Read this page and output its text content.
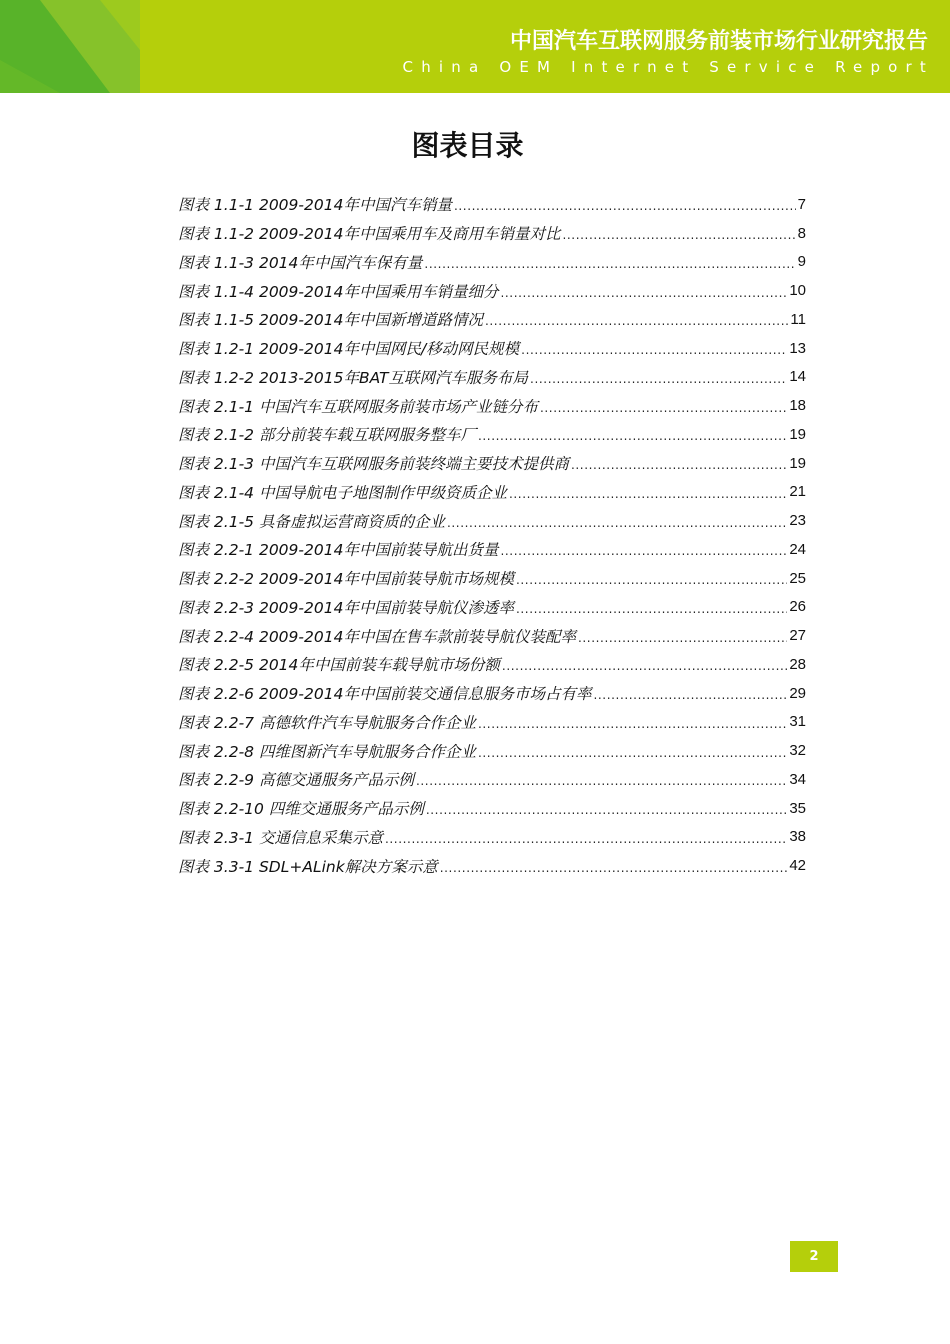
中国汽车互联网服务前装市场行业研究报告
China OEM Internet Service Report
图表目录
图表 1.1-1 2009-2014年中国汽车销量 .....	7
图表 1.1-2 2009-2014年中国乘用车及商用车销量对比 .....	8
图表 1.1-3 2014年中国汽车保有量 .....	9
图表 1.1-4 2009-2014年中国乘用车销量细分 .....	10
图表 1.1-5 2009-2014年中国新增道路情况 .....	11
图表 1.2-1 2009-2014年中国网民/移动网民规模 .....	13
图表 1.2-2 2013-2015年BAT互联网汽车服务布局 .....	14
图表 2.1-1 中国汽车互联网服务前装市场产业链分布 .....	18
图表 2.1-2 部分前装车载互联网服务整车厂 .....	19
图表 2.1-3 中国汽车互联网服务前装终端主要技术提供商 .....	19
图表 2.1-4 中国导航电子地图制作甲级资质企业 .....	21
图表 2.1-5 具备虚拟运营商资质的企业 .....	23
图表 2.2-1 2009-2014年中国前装导航出货量 .....	24
图表 2.2-2 2009-2014年中国前装导航市场规模 .....	25
图表 2.2-3 2009-2014年中国前装导航仪渗透率 .....	26
图表 2.2-4 2009-2014年中国在售车款前装导航仪装配率 .....	27
图表 2.2-5 2014年中国前装车载导航市场份额 .....	28
图表 2.2-6 2009-2014年中国前装交通信息服务市场占有率 .....	29
图表 2.2-7 高德软件汽车导航服务合作企业 .....	31
图表 2.2-8 四维图新汽车导航服务合作企业 .....	32
图表 2.2-9 高德交通服务产品示例 .....	34
图表 2.2-10 四维交通服务产品示例 .....	35
图表 2.3-1 交通信息采集示意 .....	38
图表 3.3-1 SDL+ALink解决方案示意 .....	42
2
